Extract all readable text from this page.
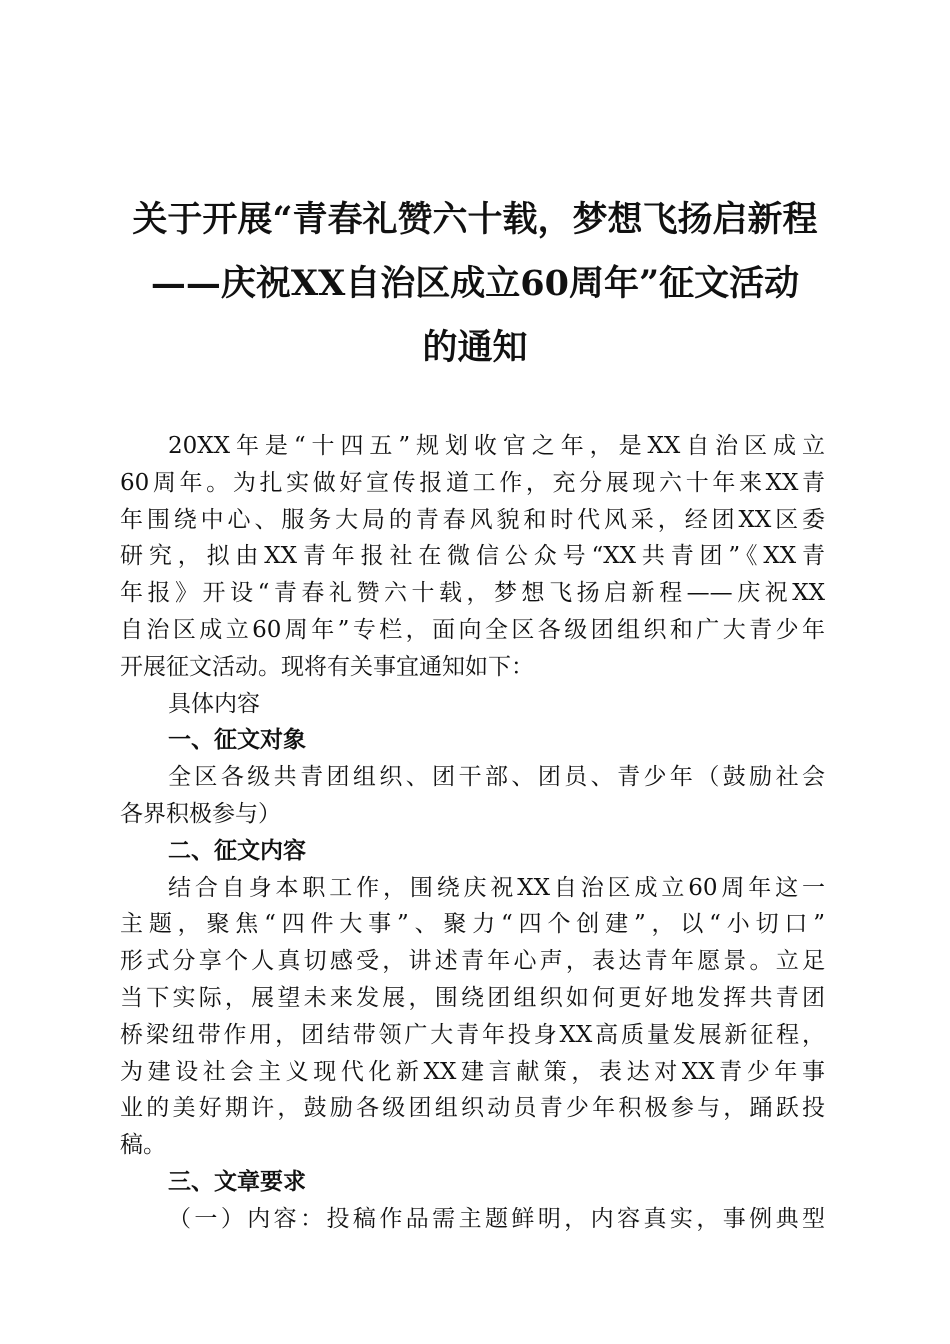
关于开展“青春礼赞六十载，梦想飞扬启新程
——庆祝XX自治区成立60周年”征文活动
的通知
20XX年是“十四五”规划收官之年，是XX自治区成立
60周年。为扎实做好宣传报道工作，充分展现六十年来XX青
年围绕中心、服务大局的青春风貌和时代风采，经团XX区委
研究，拟由XX青年报社在微信公众号“XX共青团”《XX青
年报》开设“青春礼赞六十载，梦想飞扬启新程——庆祝XX
自治区成立60周年”专栏，面向全区各级团组织和广大青少年
开展征文活动。现将有关事宜通知如下：
具体内容
一、征文对象
全区各级共青团组织、团干部、团员、青少年（鼓励社会
各界积极参与）
二、征文内容
结合自身本职工作，围绕庆祝XX自治区成立60周年这一
主题，聚焦“四件大事”、聚力“四个创建”，以“小切口”
形式分享个人真切感受，讲述青年心声，表达青年愿景。立足
当下实际，展望未来发展，围绕团组织如何更好地发挥共青团
桥梁纽带作用，团结带领广大青年投身XX高质量发展新征程，
为建设社会主义现代化新XX建言献策，表达对XX青少年事
业的美好期许，鼓励各级团组织动员青少年积极参与，踊跃投
稿。
三、文章要求
（一）内容：投稿作品需主题鲜明，内容真实，事例典型
